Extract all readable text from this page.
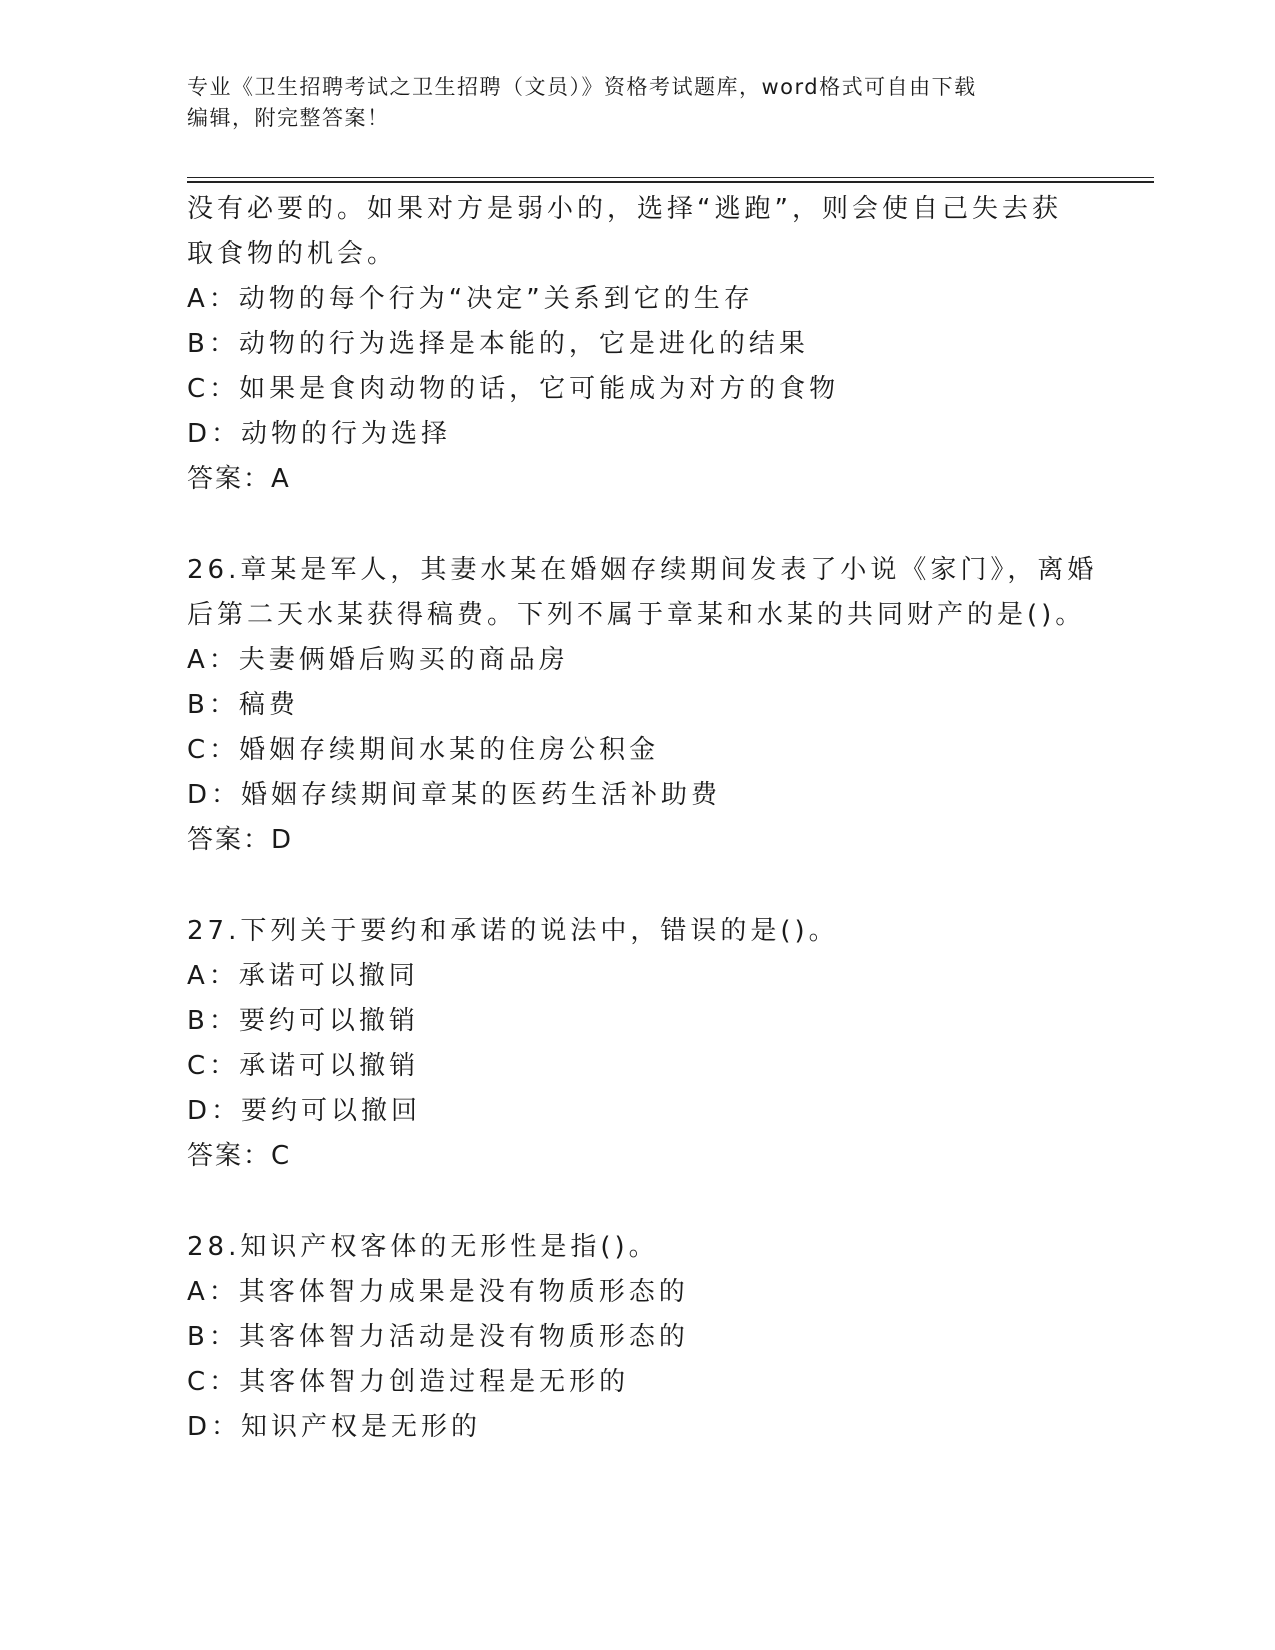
专业《卫生招聘考试之卫生招聘（文员）》资格考试题库，word格式可自由下载
编辑，附完整答案！
没有必要的。如果对方是弱小的，选择“逃跑”，则会使自己失去获
取食物的机会。
A：动物的每个行为“决定”关系到它的生存
B：动物的行为选择是本能的，它是进化的结果
C：如果是食肉动物的话，它可能成为对方的食物
D：动物的行为选择
答案：A
26.章某是军人，其妻水某在婚姻存续期间发表了小说《家门》，离婚
后第二天水某获得稿费。下列不属于章某和水某的共同财产的是()。
A：夫妻俩婚后购买的商品房
B：稿费
C：婚姻存续期间水某的住房公积金
D：婚姻存续期间章某的医药生活补助费
答案：D
27.下列关于要约和承诺的说法中，错误的是()。
A：承诺可以撤同
B：要约可以撤销
C：承诺可以撤销
D：要约可以撤回
答案：C
28.知识产权客体的无形性是指()。
A：其客体智力成果是没有物质形态的
B：其客体智力活动是没有物质形态的
C：其客体智力创造过程是无形的
D：知识产权是无形的
